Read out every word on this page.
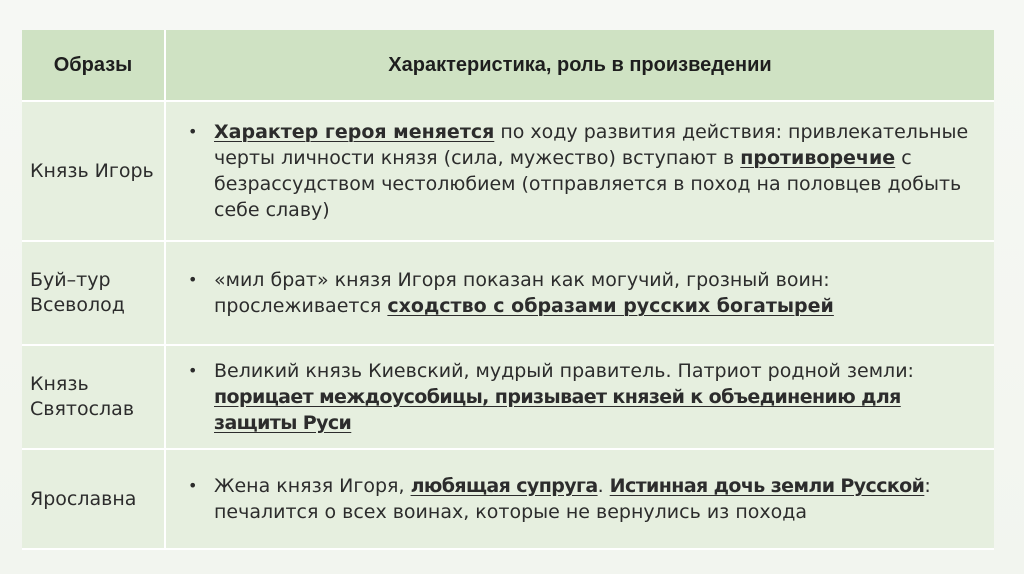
Образы	Характеристика, роль в произведении
Князь Игорь	• Характер героя меняется по ходу развития действия: привлекательные черты личности князя (сила, мужество) вступают в противоречие с безрассудством честолюбием (отправляется в поход на половцев добыть себе славу)

Буй–тур Всеволод	• «мил брат» князя Игоря показан как могучий, грозный воин: прослеживается сходство с образами русских богатырей

Князь Святослав	• Великий князь Киевский, мудрый правитель. Патриот родной земли: порицает междоусобицы, призывает князей к объединению для защиты Руси

Ярославна	• Жена князя Игоря, любящая супруга. Истинная дочь земли Русской: печалится о всех воинах, которые не вернулись из похода
